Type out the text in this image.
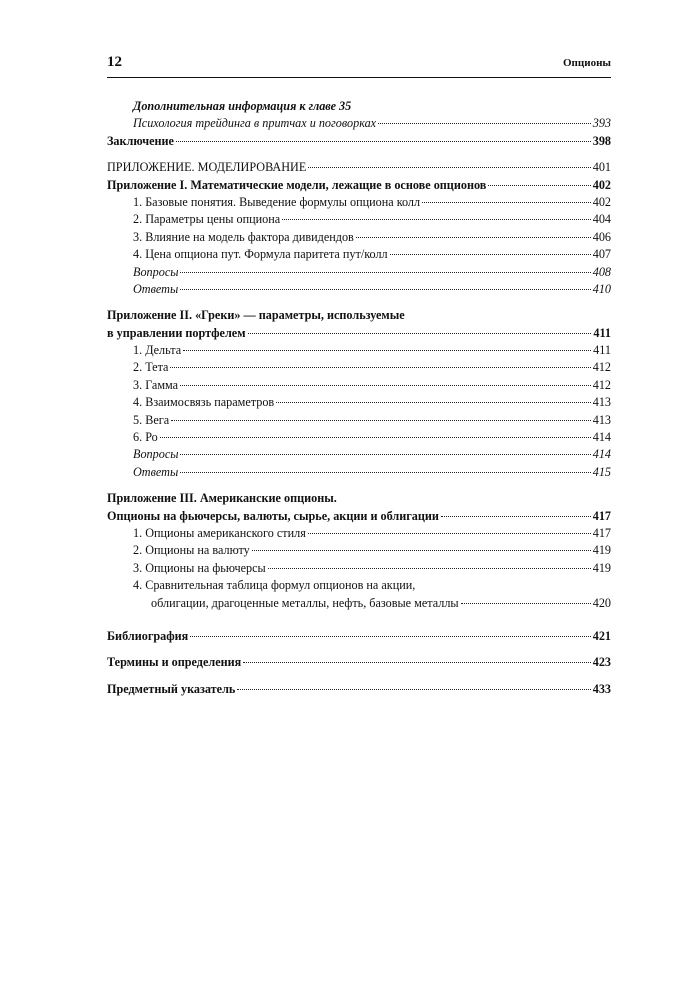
12	Опционы
Дополнительная информация к главе 35
Психология трейдинга в притчах и поговорках	393
Заключение	398
ПРИЛОЖЕНИЕ. МОДЕЛИРОВАНИЕ	401
Приложение I. Математические модели, лежащие в основе опционов	402
1. Базовые понятия. Выведение формулы опциона колл	402
2. Параметры цены опциона	404
3. Влияние на модель фактора дивидендов	406
4. Цена опциона пут. Формула паритета пут/колл	407
Вопросы	408
Ответы	410
Приложение II. «Греки» — параметры, используемые
в управлении портфелем	411
1. Дельта	411
2. Тета	412
3. Гамма	412
4. Взаимосвязь параметров	413
5. Вега	413
6. Ро	414
Вопросы	414
Ответы	415
Приложение III. Американские опционы.
Опционы на фьючерсы, валюты, сырье, акции и облигации	417
1. Опционы американского стиля	417
2. Опционы на валюту	419
3. Опционы на фьючерсы	419
4. Сравнительная таблица формул опционов на акции,
облигации, драгоценные металлы, нефть, базовые металлы	420
Библиография	421
Термины и определения	423
Предметный указатель	433
